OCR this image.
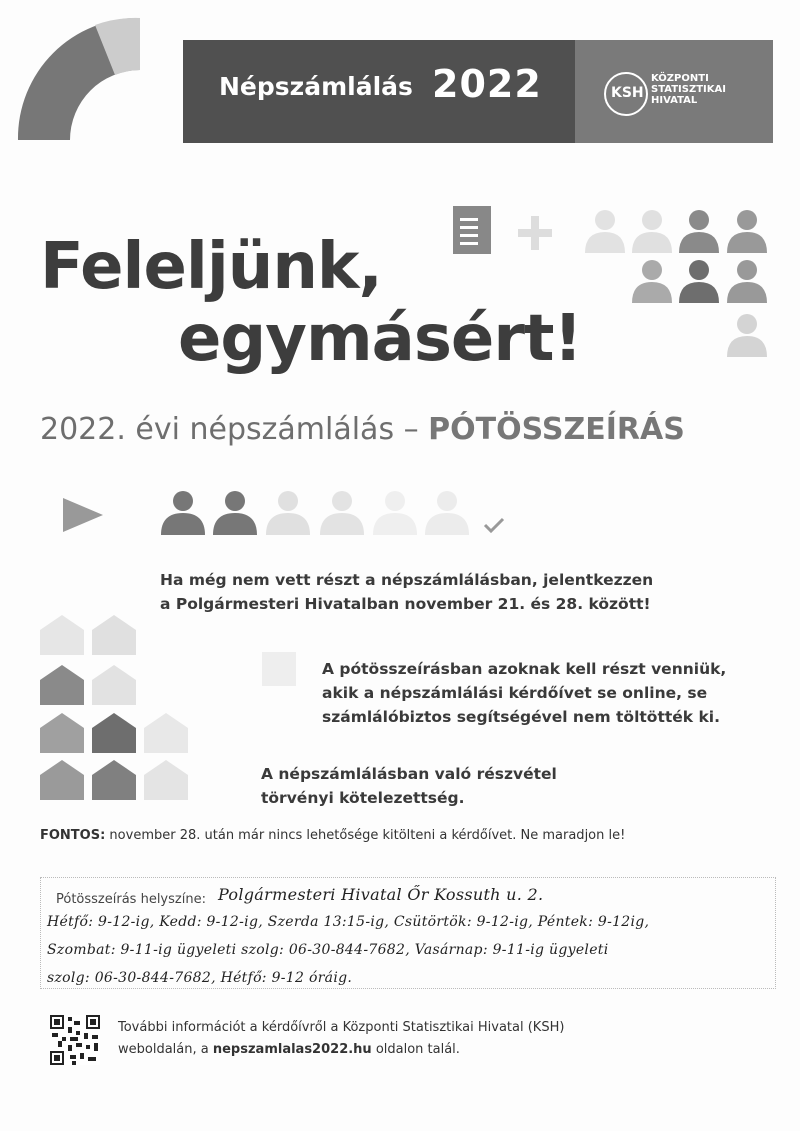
Népszámlálás 2022	KSH
KÖZPONTI
STATISZTIKAI
HIVATAL
Feleljünk,
egymásért!
2022. évi népszámlálás – PÓTÖSSZEÍRÁS
Ha még nem vett részt a népszámlálásban, jelentkezzen
a Polgármesteri Hivatalban november 21. és 28. között!
A pótösszeírásban azoknak kell részt venniük,
akik a népszámlálási kérdőívet se online, se
számlálóbiztos segítségével nem töltötték ki.
A népszámlálásban való részvétel
törvényi kötelezettség.
FONTOS: november 28. után már nincs lehetősége kitölteni a kérdőívet. Ne maradjon le!
Pótösszeírás helyszíne: Polgármesteri Hivatal Őr Kossuth u. 2.
Hétfő: 9-12-ig, Kedd: 9-12-ig, Szerda 13:15-ig, Csütörtök: 9-12-ig, Péntek: 9-12ig,
Szombat: 9-11-ig ügyeleti szolg: 06-30-844-7682, Vasárnap: 9-11-ig ügyeleti
szolg: 06-30-844-7682, Hétfő: 9-12 óráig.
További információt a kérdőívről a Központi Statisztikai Hivatal (KSH)
weboldalán, a nepszamlalas2022.hu oldalon talál.
